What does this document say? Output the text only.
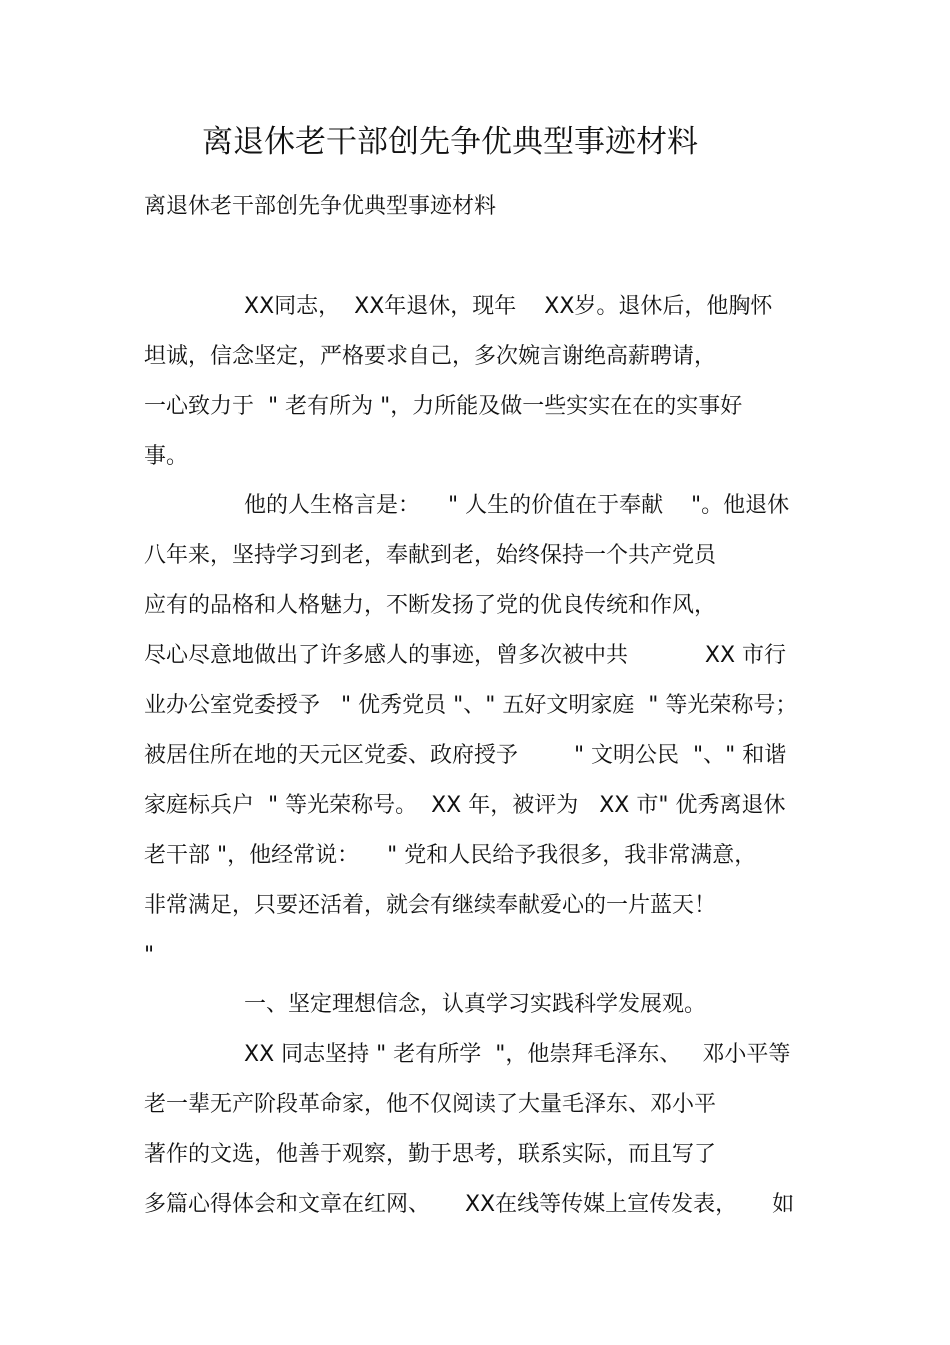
离退休老干部创先争优典型事迹材料

离退休老干部创先争优典型事迹材料

XX同志，  XX年退休，现年    XX岁。退休后，他胸怀

坦诚，信念坚定，严格要求自己，多次婉言谢绝高薪聘请，

一心致力于  " 老有所为 "，力所能及做一些实实在在的实事好

事。

他的人生格言是：    " 人生的价值在于奉献    "。他退休

八年来，坚持学习到老，奉献到老，始终保持一个共产党员

应有的品格和人格魅力，不断发扬了党的优良传统和作风，

尽心尽意地做出了许多感人的事迹，曾多次被中共           XX 市行

业办公室党委授予   " 优秀党员 "、" 五好文明家庭  " 等光荣称号；

被居住所在地的天元区党委、政府授予        " 文明公民  "、" 和谐

家庭标兵户  " 等光荣称号。  XX 年，被评为   XX 市" 优秀离退休

老干部 "，他经常说：    " 党和人民给予我很多，我非常满意，

非常满足，只要还活着，就会有继续奉献爱心的一片蓝天！

"

一、坚定理想信念，认真学习实践科学发展观。

XX 同志坚持 " 老有所学  "，他崇拜毛泽东、   邓小平等

老一辈无产阶段革命家，他不仅阅读了大量毛泽东、邓小平

著作的文选，他善于观察，勤于思考，联系实际，而且写了

多篇心得体会和文章在红网、     XX在线等传媒上宣传发表，     如
